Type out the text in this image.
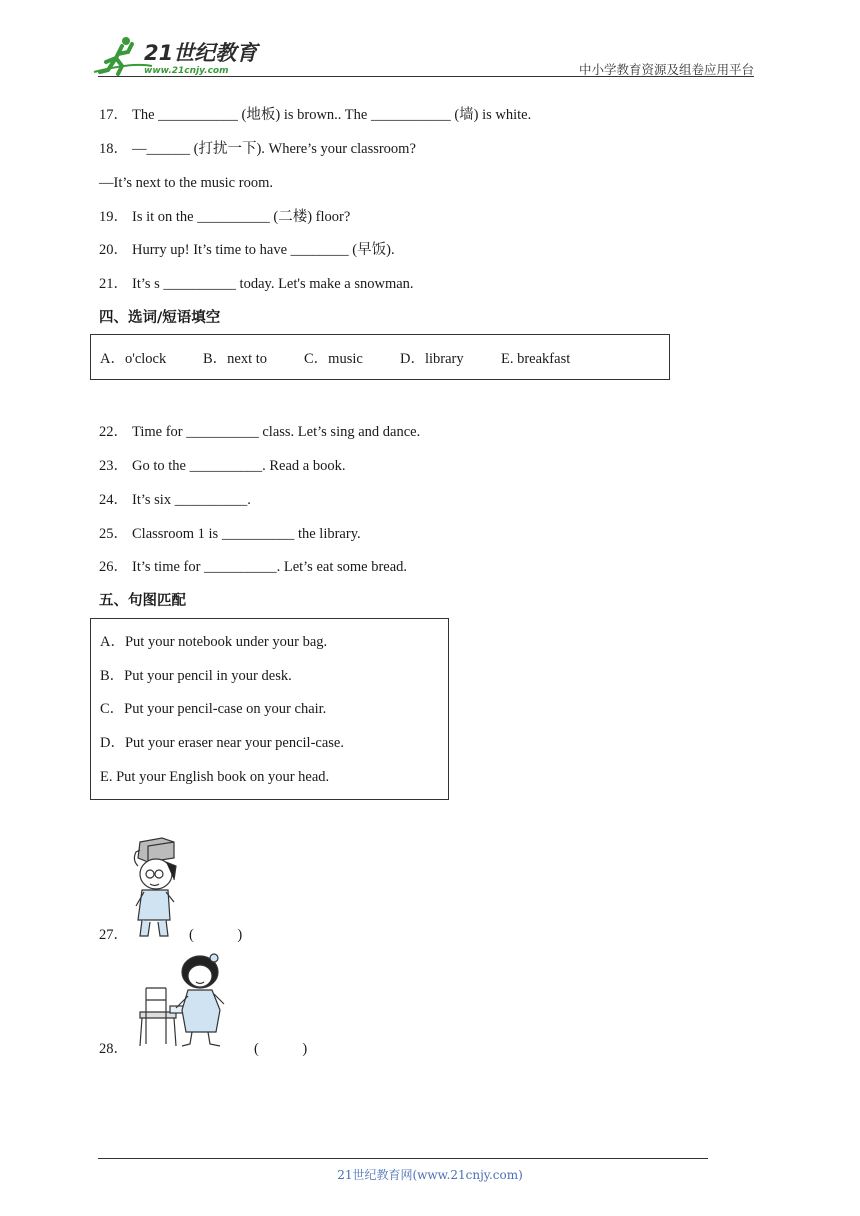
21世纪教育
www.21cnjy.com	中小学教育资源及组卷应用平台
17． The ___________ (地板) is brown.. The ___________ (墙) is white.
18． —______ (打扰一下). Where’s your classroom?
—It’s next to the music room.
19． Is it on the __________ (二楼) floor?
20． Hurry up! It’s time to have ________ (早饭).
21． It’s s __________ today. Let's make a snowman.
四、选词/短语填空
A．o'clock	B．next to	C．music	D．library	E. breakfast
22． Time for __________ class. Let’s sing and dance.
23． Go to the __________. Read a book.
24． It’s six __________.
25． Classroom 1 is __________ the library.
26． It’s time for __________. Let’s eat some bread.
五、句图匹配
A．Put your notebook under your bag.
B．Put your pencil in your desk.
C．Put your pencil-case on your chair.
D．Put your eraser near your pencil-case.
E. Put your English book on your head.
27．	(　　　)
28．	(　　　)
21世纪教育网(www.21cnjy.com)
